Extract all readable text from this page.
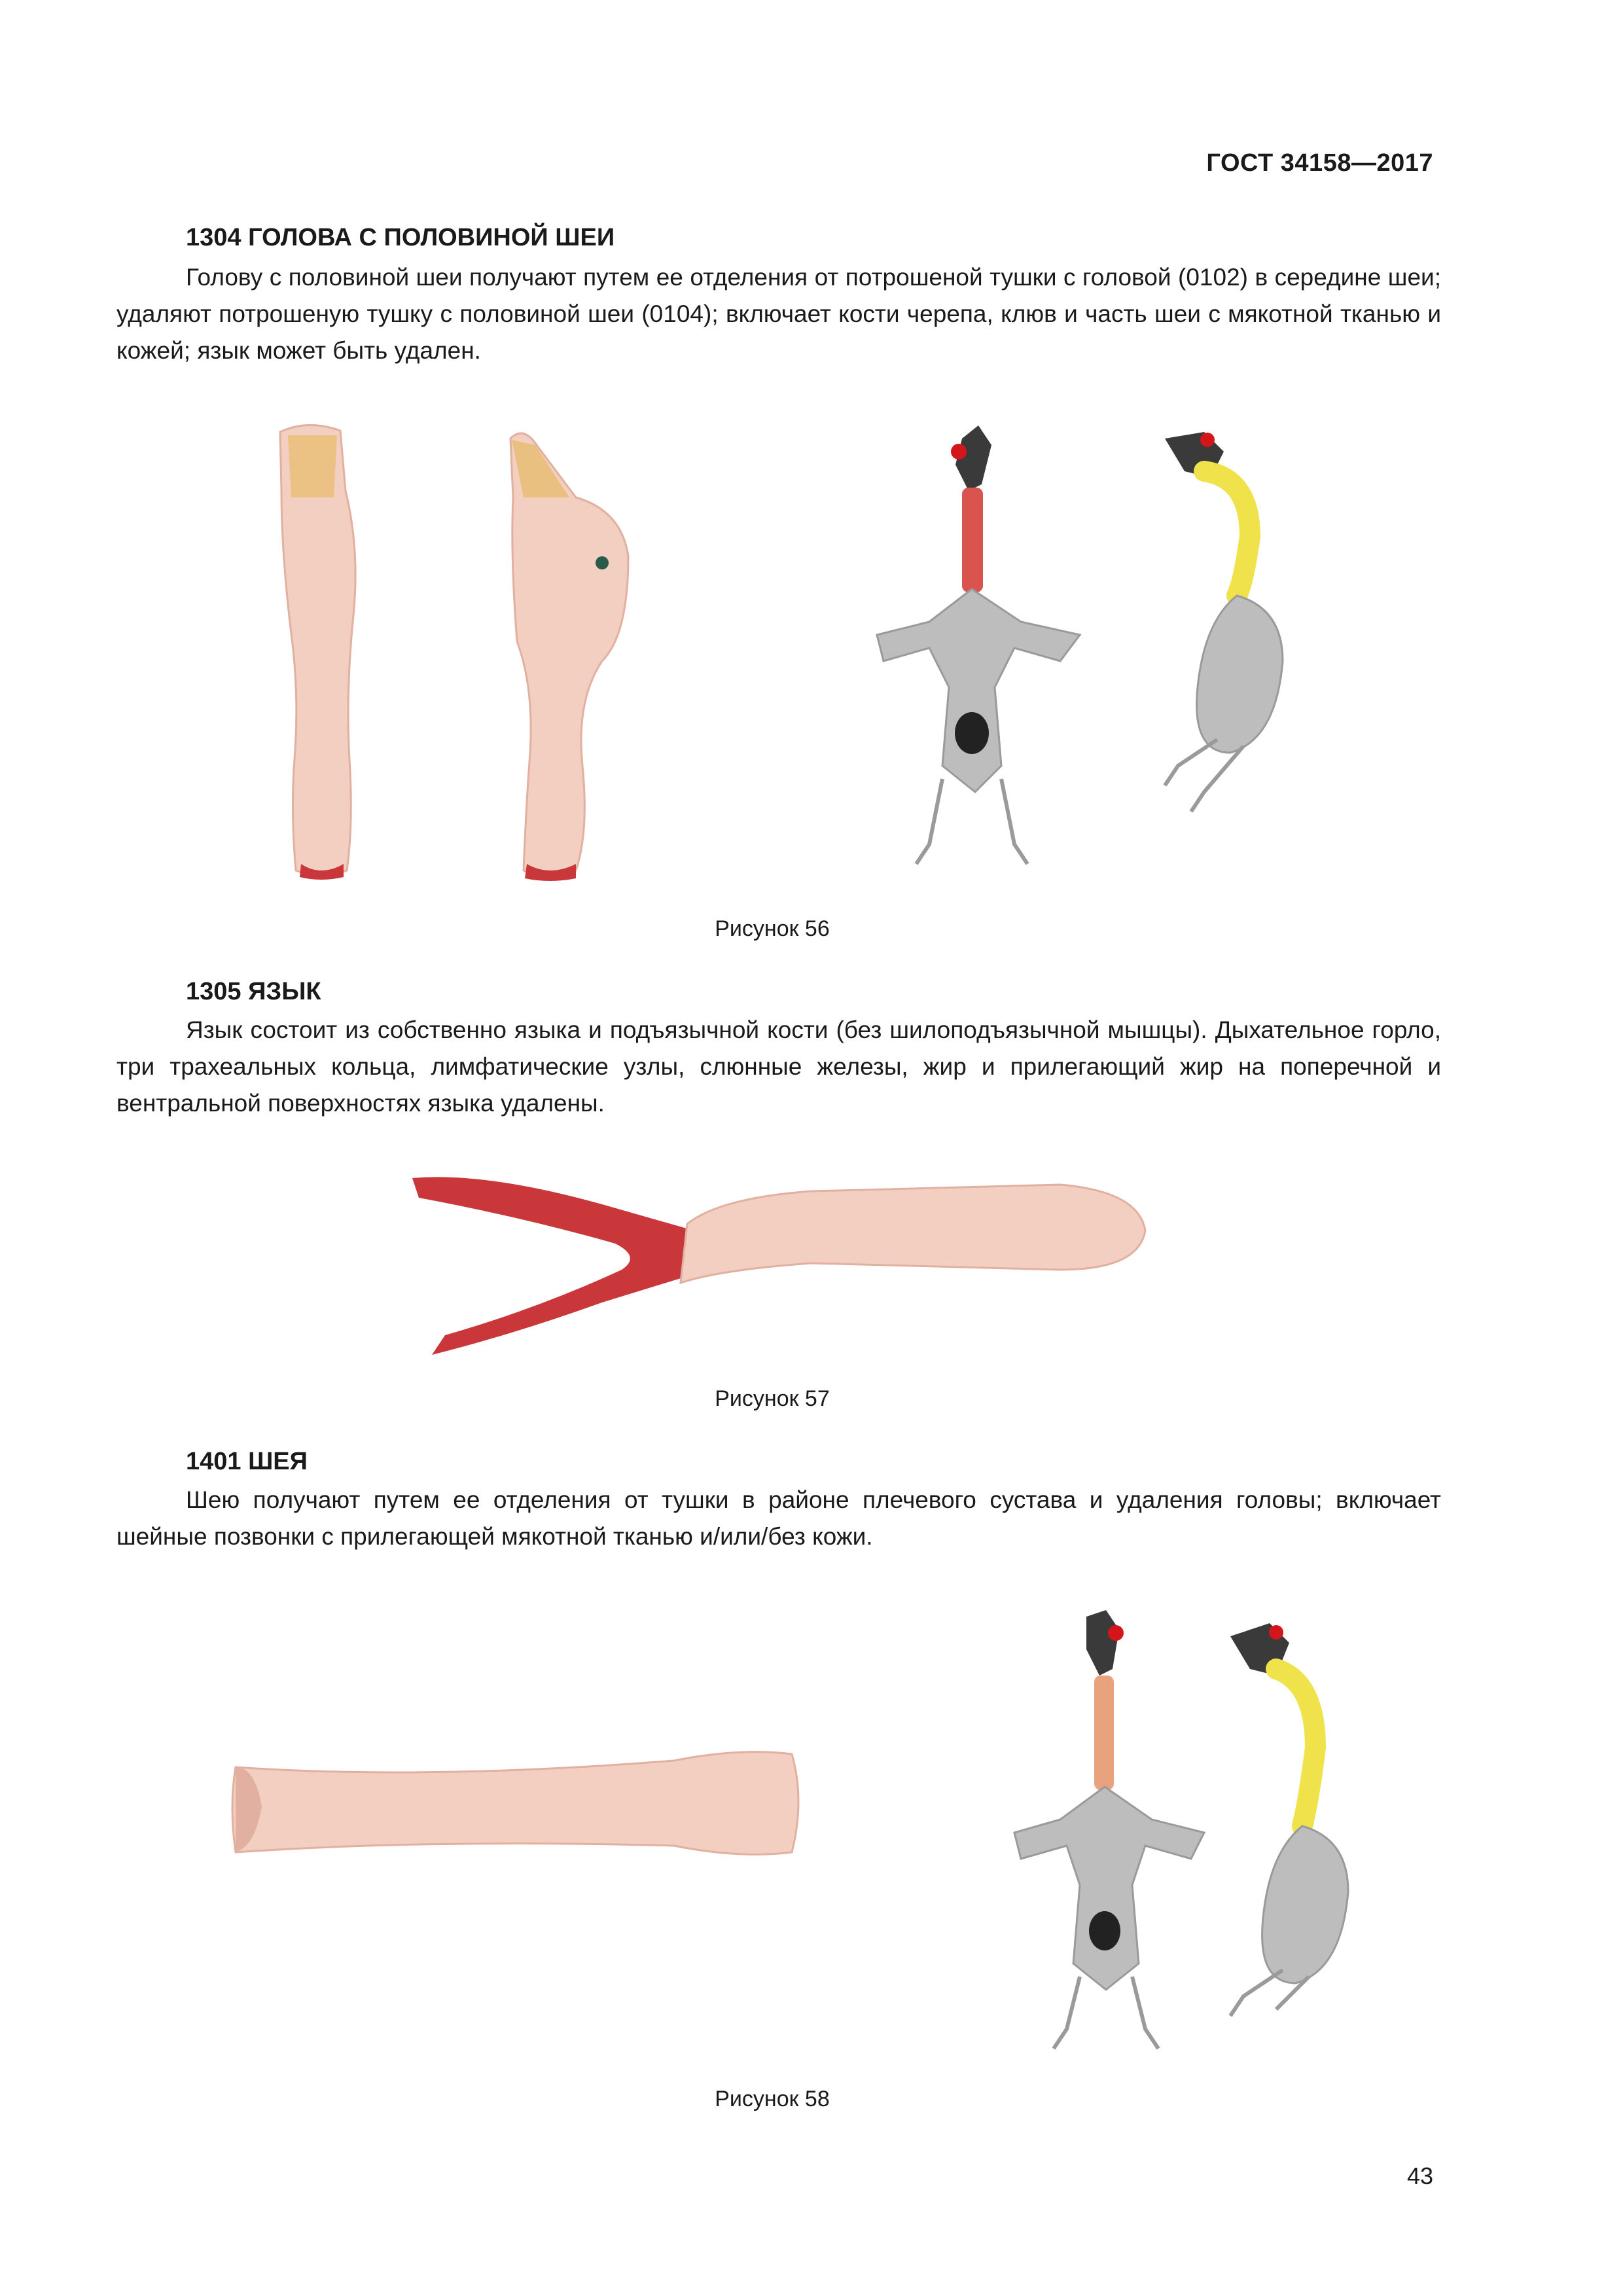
ГОСТ 34158—2017
1304 ГОЛОВА С ПОЛОВИНОЙ ШЕИ

Голову с половиной шеи получают путем ее отделения от потрошеной тушки с головой (0102) в середине шеи; удаляют потрошеную тушку с половиной шеи (0104); включает кости черепа, клюв и часть шеи с мякотной тканью и кожей; язык может быть удален.

Рисунок 56
1305 ЯЗЫК

Язык состоит из собственно языка и подъязычной кости (без шилоподъязычной мышцы). Дыхательное горло, три трахеальных кольца, лимфатические узлы, слюнные железы, жир и прилегающий жир на поперечной и вентральной поверхностях языка удалены.

Рисунок 57
1401 ШЕЯ

Шею получают путем ее отделения от тушки в районе плечевого сустава и удаления головы; включает шейные позвонки с прилегающей мякотной тканью и/или/без кожи.

Рисунок 58
43
